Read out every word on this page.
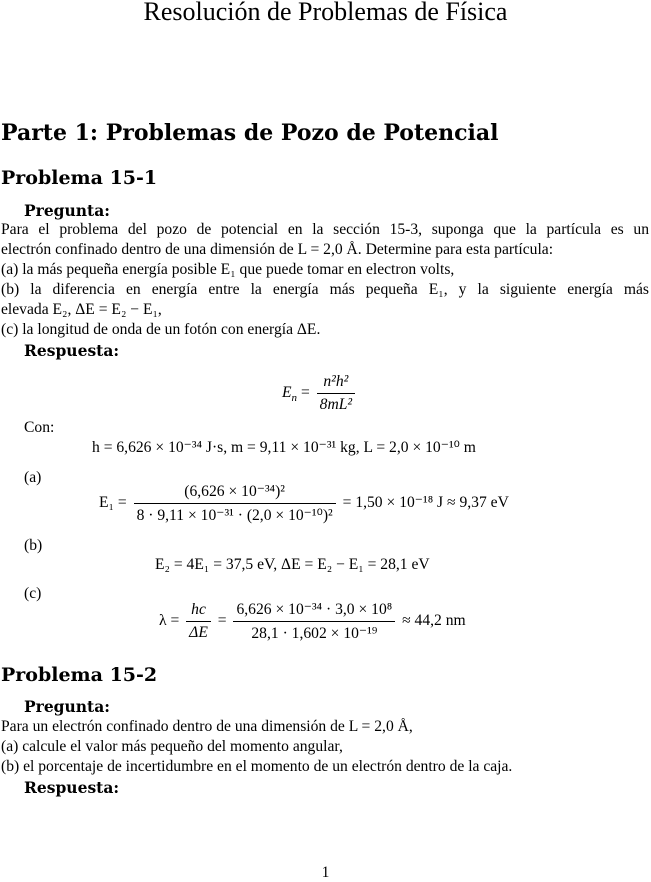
Resolución de Problemas de Física
Parte 1: Problemas de Pozo de Potencial
Problema 15-1
Pregunta:
Para el problema del pozo de potencial en la sección 15-3, suponga que la partícula es un
electrón confinado dentro de una dimensión de L = 2,0 Å. Determine para esta partícula:
(a) la más pequeña energía posible E₁ que puede tomar en electron volts,
(b) la diferencia en energía entre la energía más pequeña E₁, y la siguiente energía más
elevada E₂, ΔE = E₂ − E₁,
(c) la longitud de onda de un fotón con energía ΔE.
Respuesta:
$E_n = \frac{\text{n²h²}}{\text{8mL²}}$
Con:
h = 6,626 × 10⁻³⁴ J·s, m = 9,11 × 10⁻³¹ kg, L = 2,0 × 10⁻¹⁰ m
(a)
$E_1 = \frac{\text{(6,626 × 10⁻³⁴)²}}{\text{8 · 9,11 × 10⁻³¹ · (2,0 × 10⁻¹⁰)²}} = 1,50 \times 10^{-18}$ J ≈ 9,37 eV
(b)
E₂ = 4E₁ = 37,5 eV, ΔE = E₂ − E₁ = 28,1 eV
(c)
$\lambda = \frac{hc}{\Delta E} = \frac{\text{6,626 × 10⁻³⁴ · 3,0 × 10⁸}}{\text{28,1 · 1,602 × 10⁻¹⁹}} \approx 44,2$ nm
Problema 15-2
Pregunta:
Para un electrón confinado dentro de una dimensión de L = 2,0 Å,
(a) calcule el valor más pequeño del momento angular,
(b) el porcentaje de incertidumbre en el momento de un electrón dentro de la caja.
Respuesta:
1
